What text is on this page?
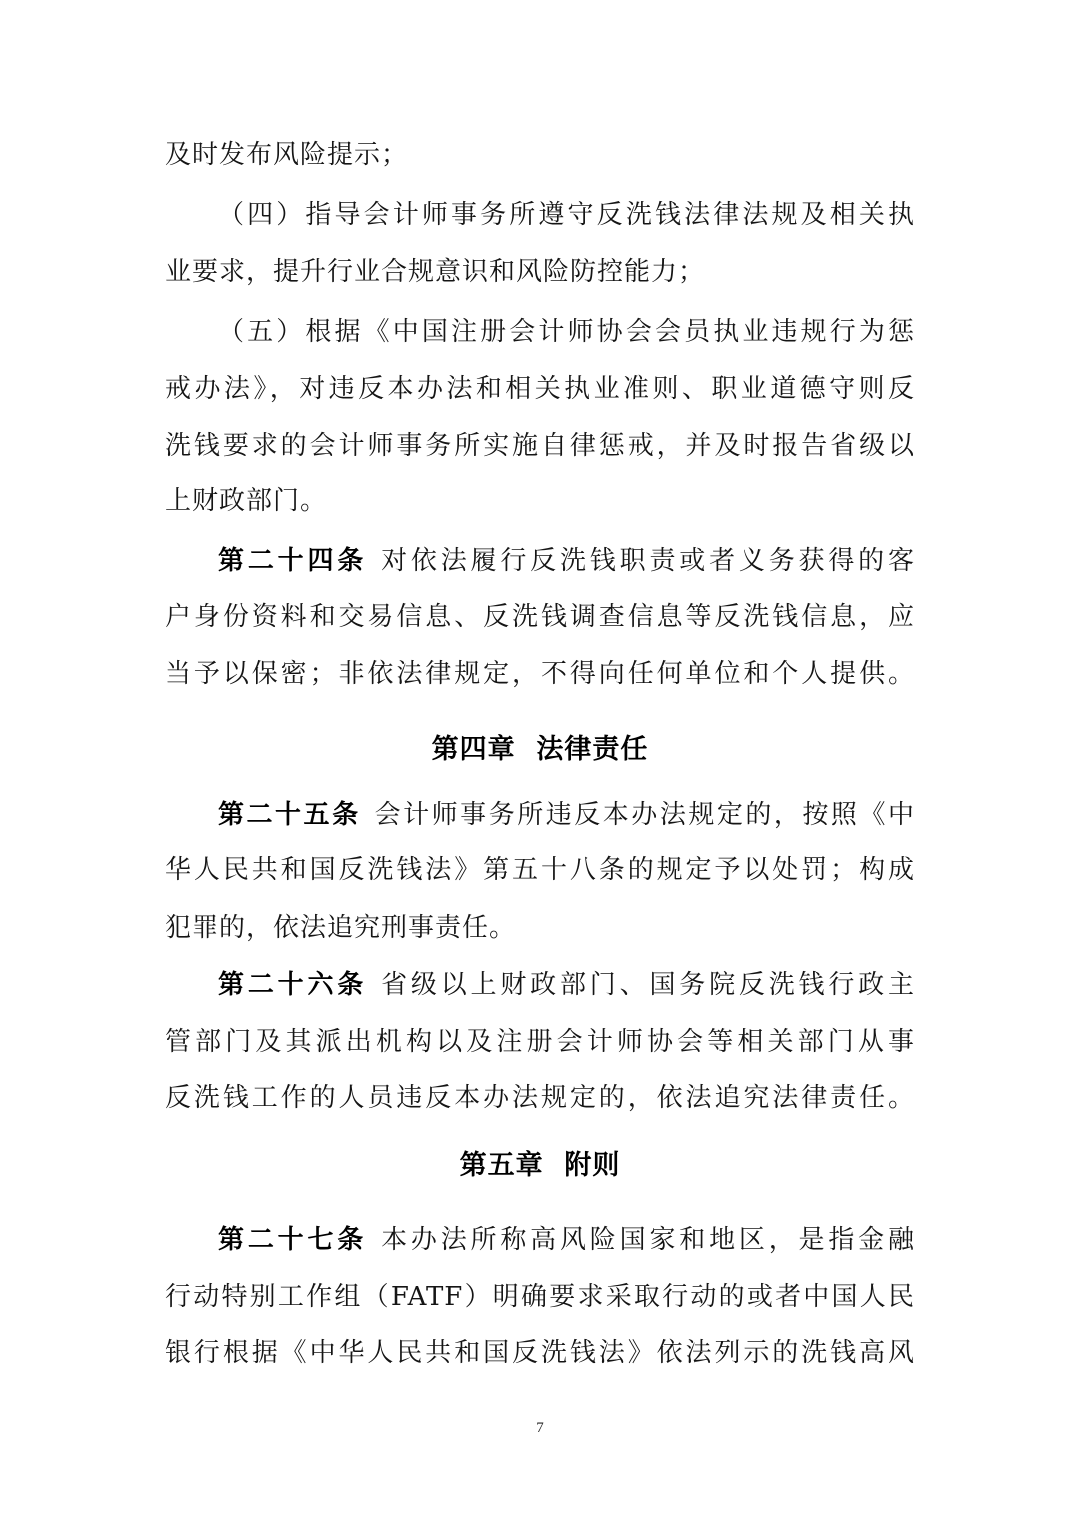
及时发布风险提示；
（四）指导会计师事务所遵守反洗钱法律法规及相关执
业要求，提升行业合规意识和风险防控能力；
（五）根据《中国注册会计师协会会员执业违规行为惩
戒办法》，对违反本办法和相关执业准则、职业道德守则反
洗钱要求的会计师事务所实施自律惩戒，并及时报告省级以
上财政部门。
第二十四条 对依法履行反洗钱职责或者义务获得的客
户身份资料和交易信息、反洗钱调查信息等反洗钱信息，应
当予以保密；非依法律规定，不得向任何单位和个人提供。
第四章  法律责任
第二十五条 会计师事务所违反本办法规定的，按照《中
华人民共和国反洗钱法》第五十八条的规定予以处罚；构成
犯罪的，依法追究刑事责任。
第二十六条 省级以上财政部门、国务院反洗钱行政主
管部门及其派出机构以及注册会计师协会等相关部门从事
反洗钱工作的人员违反本办法规定的，依法追究法律责任。
第五章  附则
第二十七条 本办法所称高风险国家和地区，是指金融
行动特别工作组（FATF）明确要求采取行动的或者中国人民
银行根据《中华人民共和国反洗钱法》依法列示的洗钱高风
7
